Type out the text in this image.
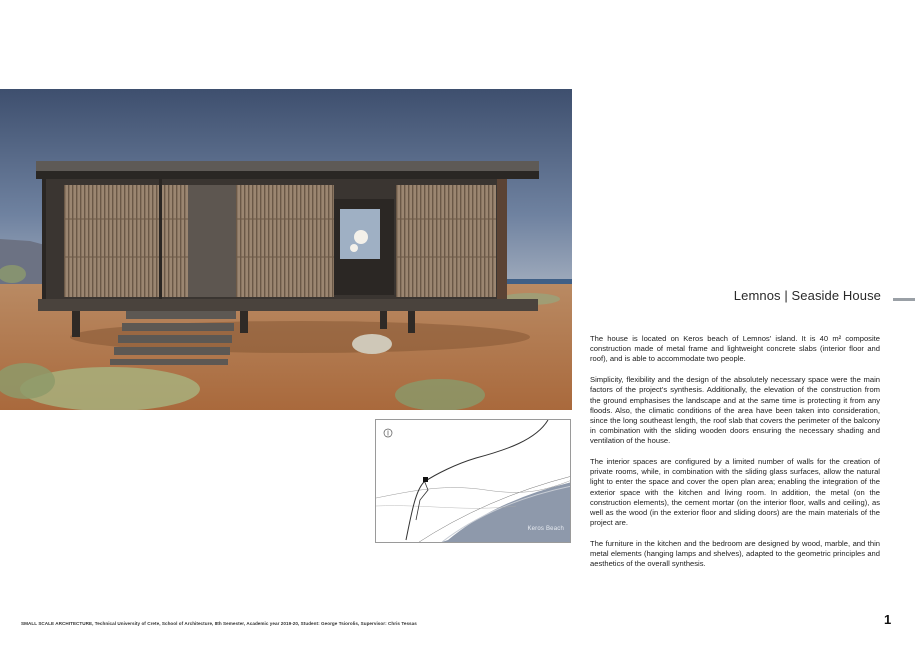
Keros Beach
Lemnos | Seaside House

The house is located on Keros beach of Lemnos' island. It is 40 m² composite construction made of metal frame and lightweight concrete slabs (interior floor and roof), and is able to accommodate two people.

Simplicity, flexibility and the design of the absolutely necessary space were the main factors of the project's synthesis. Additionally, the elevation of the construction from the ground emphasises the landscape and at the same time is protecting it from any floods. Also, the climatic conditions of the area have been taken into consideration, since the long southeast length, the roof slab that covers the perimeter of the balcony in combination with the sliding wooden doors ensuring the necessary shading and ventilation of the house.

The interior spaces are configured by a limited number of walls for the creation of private rooms, while, in combination with the sliding glass surfaces, allow the natural light to enter the space and cover the open plan area; enabling the integration of the exterior space with the kitchen and living room. In addition, the metal (on the construction elements), the cement mortar (on the interior floor, walls and ceiling), as well as the wood (in the exterior floor and sliding doors) are the main materials of the project are.

The furniture in the kitchen and the bedroom are designed by wood, marble, and thin metal elements (hanging lamps and shelves), adapted to the geometric principles and aesthetics of the overall synthesis.

SMALL SCALE ARCHITECTURE, Technical University of Crete, School of Architecture, 8th Semester, Academic year 2019-20, Student: George Tsiorolis, Supervisor: Chris Tessas	1
